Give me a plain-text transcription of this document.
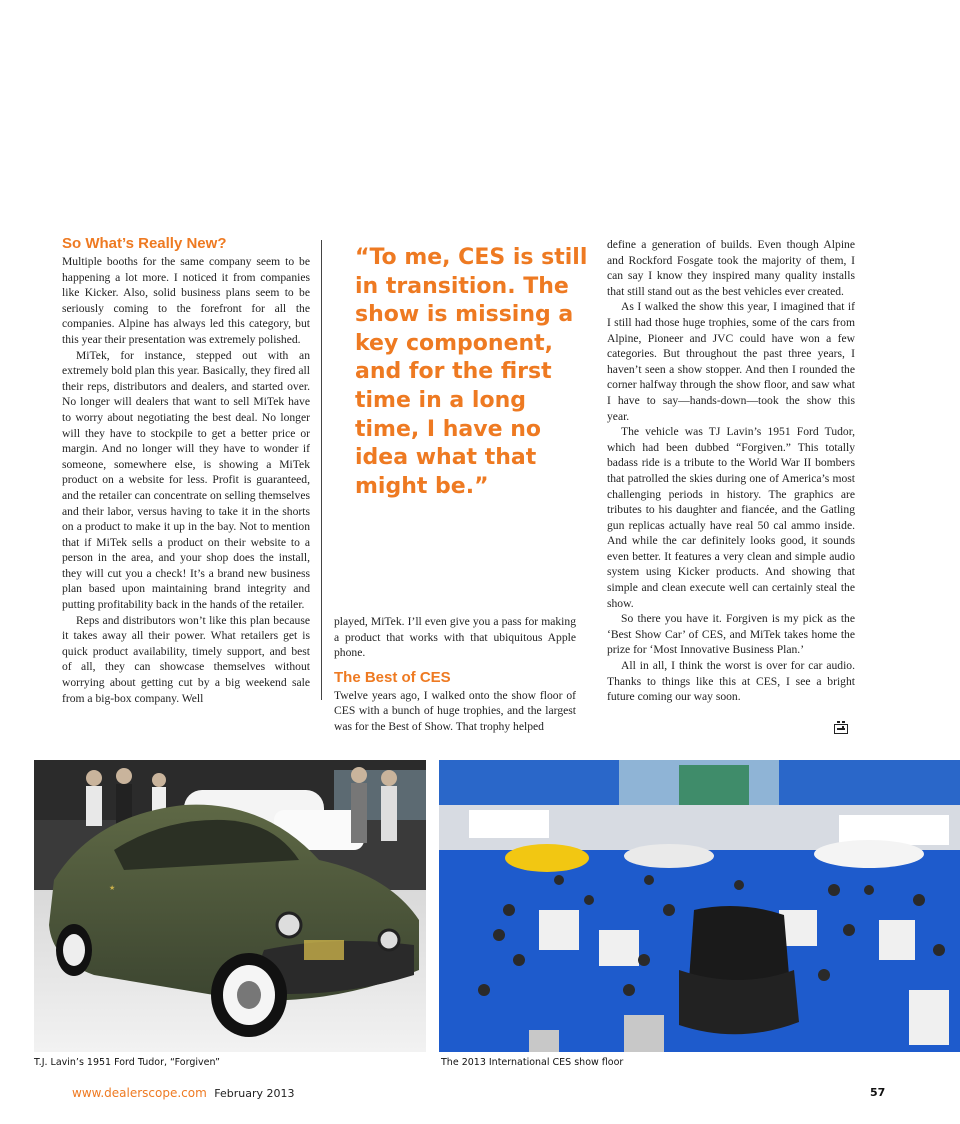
So What’s Really New?

Multiple booths for the same company seem to be happening a lot more. I noticed it from companies like Kicker. Also, solid business plans seem to be seriously coming to the forefront for all the companies. Alpine has always led this category, but this year their presentation was extremely polished.

MiTek, for instance, stepped out with an extremely bold plan this year. Basically, they fired all their reps, distributors and dealers, and started over. No longer will dealers that want to sell MiTek have to worry about negotiating the best deal. No longer will they have to stockpile to get a better price or margin. And no longer will they have to wonder if someone, somewhere else, is showing a MiTek product on a website for less. Profit is guaranteed, and the retailer can concentrate on selling themselves and their labor, versus having to take it in the shorts on a product to make it up in the bay. Not to mention that if MiTek sells a product on their website to a person in the area, and your shop does the install, they will cut you a check! It’s a brand new business plan based upon maintaining brand integrity and putting profitability back in the hands of the retailer.

Reps and distributors won’t like this plan because it takes away all their power. What retailers get is quick product availability, timely support, and best of all, they can showcase themselves without worrying about getting cut by a big weekend sale from a big-box company. Well

“To me, CES is still in transition. The show is missing a key component, and for the first time in a long time, I have no idea what that might be.”

played, MiTek. I’ll even give you a pass for making a product that works with that ubiquitous Apple phone.

The Best of CES

Twelve years ago, I walked onto the show floor of CES with a bunch of huge trophies, and the largest was for the Best of Show. That trophy helped

define a generation of builds. Even though Alpine and Rockford Fosgate took the majority of them, I can say I know they inspired many quality installs that still stand out as the best vehicles ever created.

As I walked the show this year, I imagined that if I still had those huge trophies, some of the cars from Alpine, Pioneer and JVC could have won a few categories. But throughout the past three years, I haven’t seen a show stopper. And then I rounded the corner halfway through the show floor, and saw what I have to say—hands-down—took the show this year.

The vehicle was TJ Lavin’s 1951 Ford Tudor, which had been dubbed “Forgiven.” This totally badass ride is a tribute to the World War II bombers that patrolled the skies during one of America’s most challenging periods in history. The graphics are tributes to his daughter and fiancée, and the Gatling gun replicas actually have real 50 cal ammo inside. And while the car definitely looks good, it sounds even better. It features a very clean and simple audio system using Kicker products. And showing that simple and clean execute well can certainly steal the show.

So there you have it. Forgiven is my pick as the ‘Best Show Car’ of CES, and MiTek takes home the prize for ‘Most Innovative Business Plan.’

All in all, I think the worst is over for car audio. Thanks to things like this at CES, I see a bright future coming our way soon.

★
T.J. Lavin’s 1951 Ford Tudor, “Forgiven”	The 2013 International CES show floor
www.dealerscope.com February 2013	57
